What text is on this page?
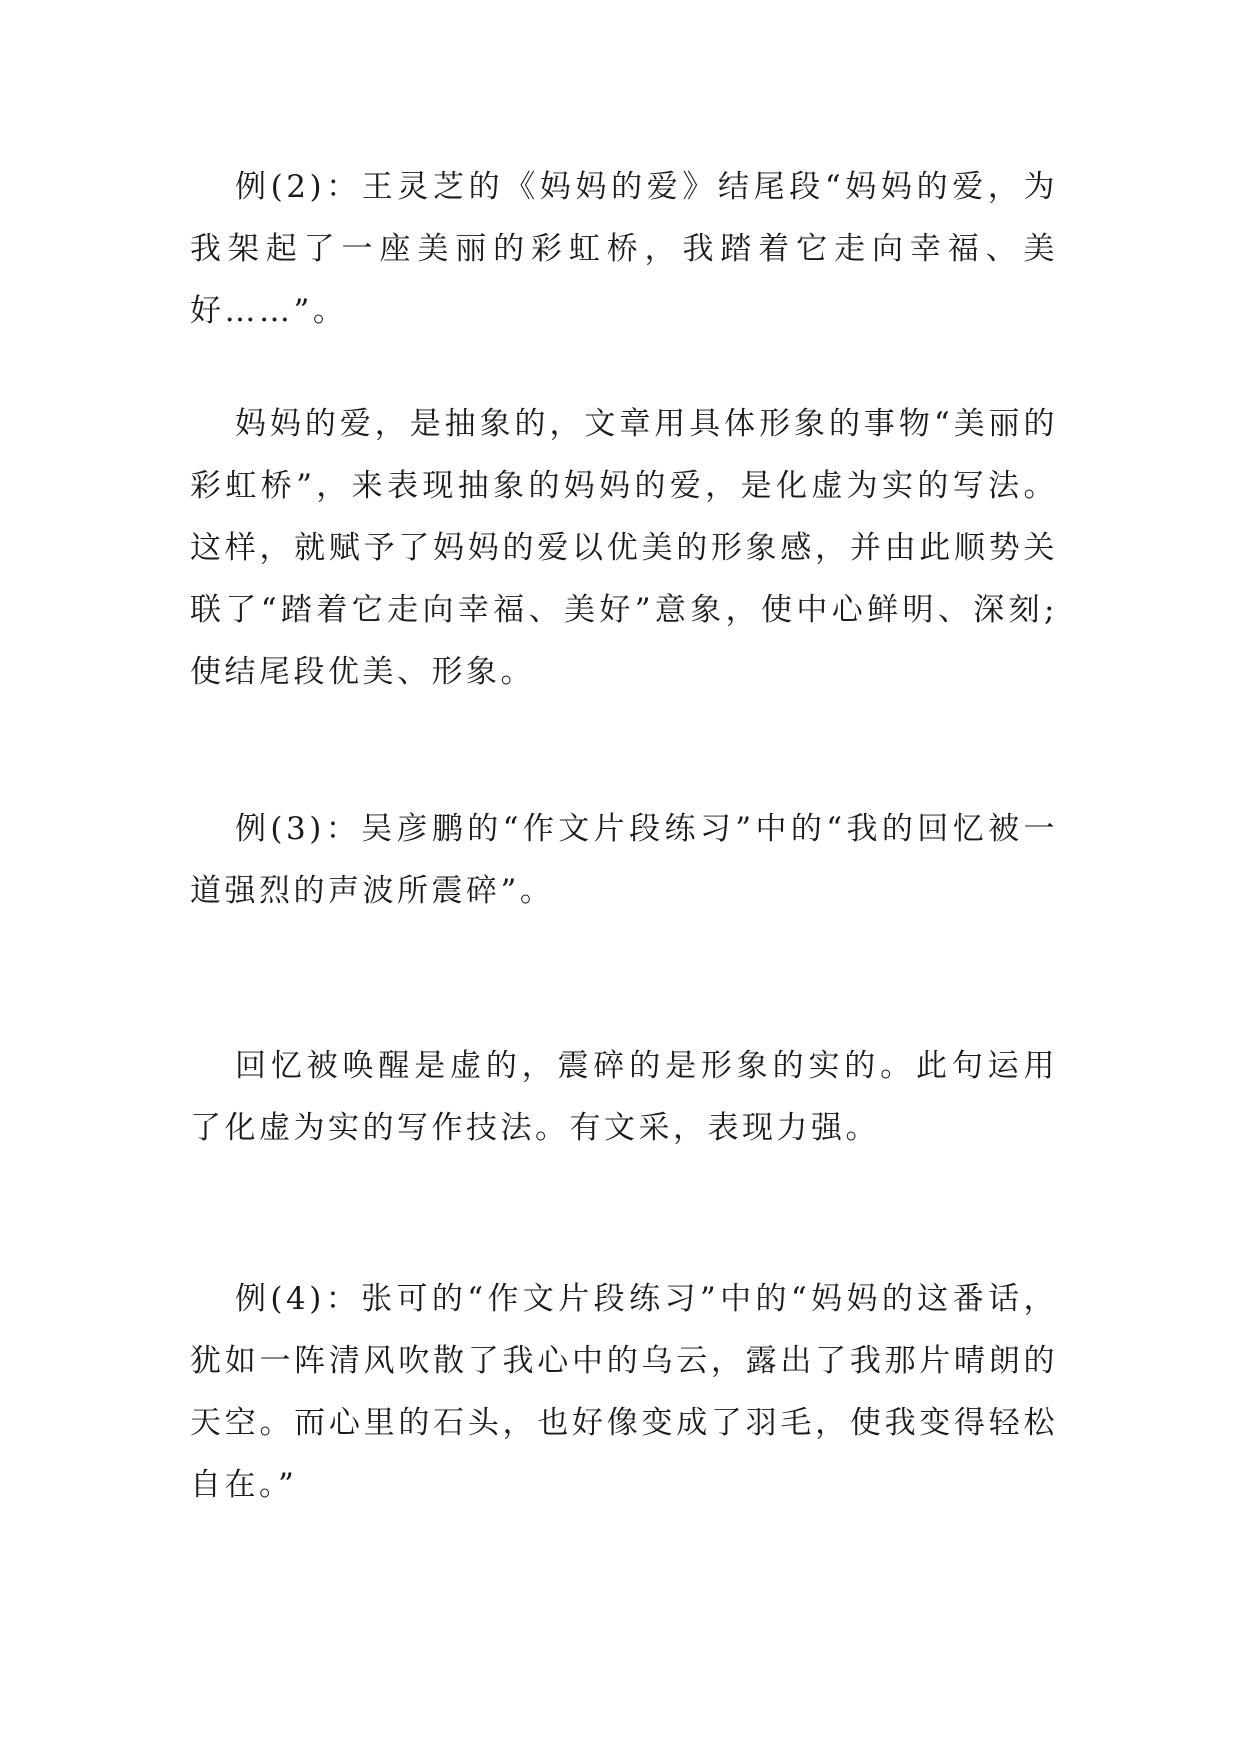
例(2)：王灵芝的《妈妈的爱》结尾段“妈妈的爱，为我架起了一座美丽的彩虹桥，我踏着它走向幸福、美好……”。

妈妈的爱，是抽象的，文章用具体形象的事物“美丽的彩虹桥”，来表现抽象的妈妈的爱，是化虚为实的写法。这样，就赋予了妈妈的爱以优美的形象感，并由此顺势关联了“踏着它走向幸福、美好”意象，使中心鲜明、深刻;使结尾段优美、形象。

例(3)：吴彦鹏的“作文片段练习”中的“我的回忆被一道强烈的声波所震碎”。

回忆被唤醒是虚的，震碎的是形象的实的。此句运用了化虚为实的写作技法。有文采，表现力强。

例(4)：张可的“作文片段练习”中的“妈妈的这番话，犹如一阵清风吹散了我心中的乌云，露出了我那片晴朗的天空。而心里的石头，也好像变成了羽毛，使我变得轻松自在。”
